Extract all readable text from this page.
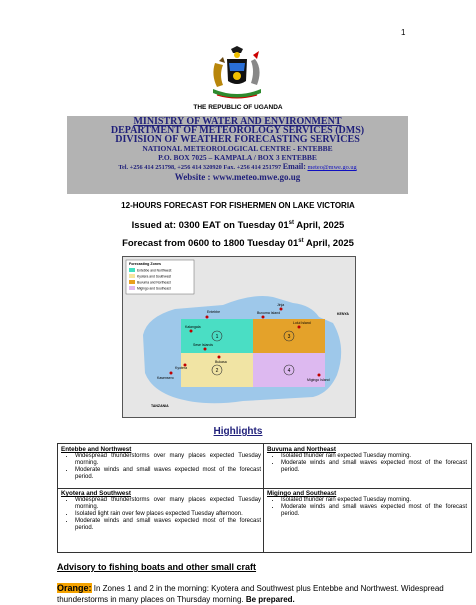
1
THE REPUBLIC OF UGANDA
MINISTRY OF WATER AND ENVIRONMENT
DEPARTMENT OF METEOROLOGY SERVICES (DMS)
DIVISION OF WEATHER FORECASTING SERVICES
NATIONAL METEOROLOGICAL CENTRE - ENTEBBE
P.O. BOX 7025 – KAMPALA / BOX 3 ENTEBBE
Tel. +256 414 251798, +256 414 320920 Fax. +256 414 251797 Email: meteo@mwe.go.ug
Website : www.meteo.mwe.go.ug
12-HOURS FORECAST FOR FISHERMEN ON LAKE VICTORIA
Issued at: 0300 EAT on Tuesday 01st April, 2025
Forecast from 0600 to 1800 Tuesday 01st April, 2025
1
2
3
4
Entebbe
Kalangala
Buvuma Island
Jinja
Lolui Island
Migingo Island
Sese Islands
Kasensero
Bukasa
Kyotera
KENYA
TANZANIA
Forecasting Zones
Entebbe and Northwest
Kyotera and Southwest
Buvuma and Northeast
Migingo and Southeast
Highlights
Entebbe and Northwest
• Widespread thunderstorms over many places expected Tuesday morning.
• Moderate winds and small waves expected most of the forecast period.
Buvuma and Northeast
• Isolated thunder rain expected Tuesday morning.
• Moderate winds and small waves expected most of the forecast period.
Kyotera and Southwest
• Widespread thunderstorms over many places expected Tuesday morning.
• Isolated light rain over few places expected Tuesday afternoon.
• Moderate winds and small waves expected most of the forecast period.
Migingo and Southeast
• Isolated thunder rain expected Tuesday morning.
• Moderate winds and small waves expected most of the forecast period.
Advisory to fishing boats and other small craft
Orange: In Zones 1 and 2 in the morning: Kyotera and Southwest plus Entebbe and Northwest. Widespread thunderstorms in many places on Thursday morning. Be prepared.
